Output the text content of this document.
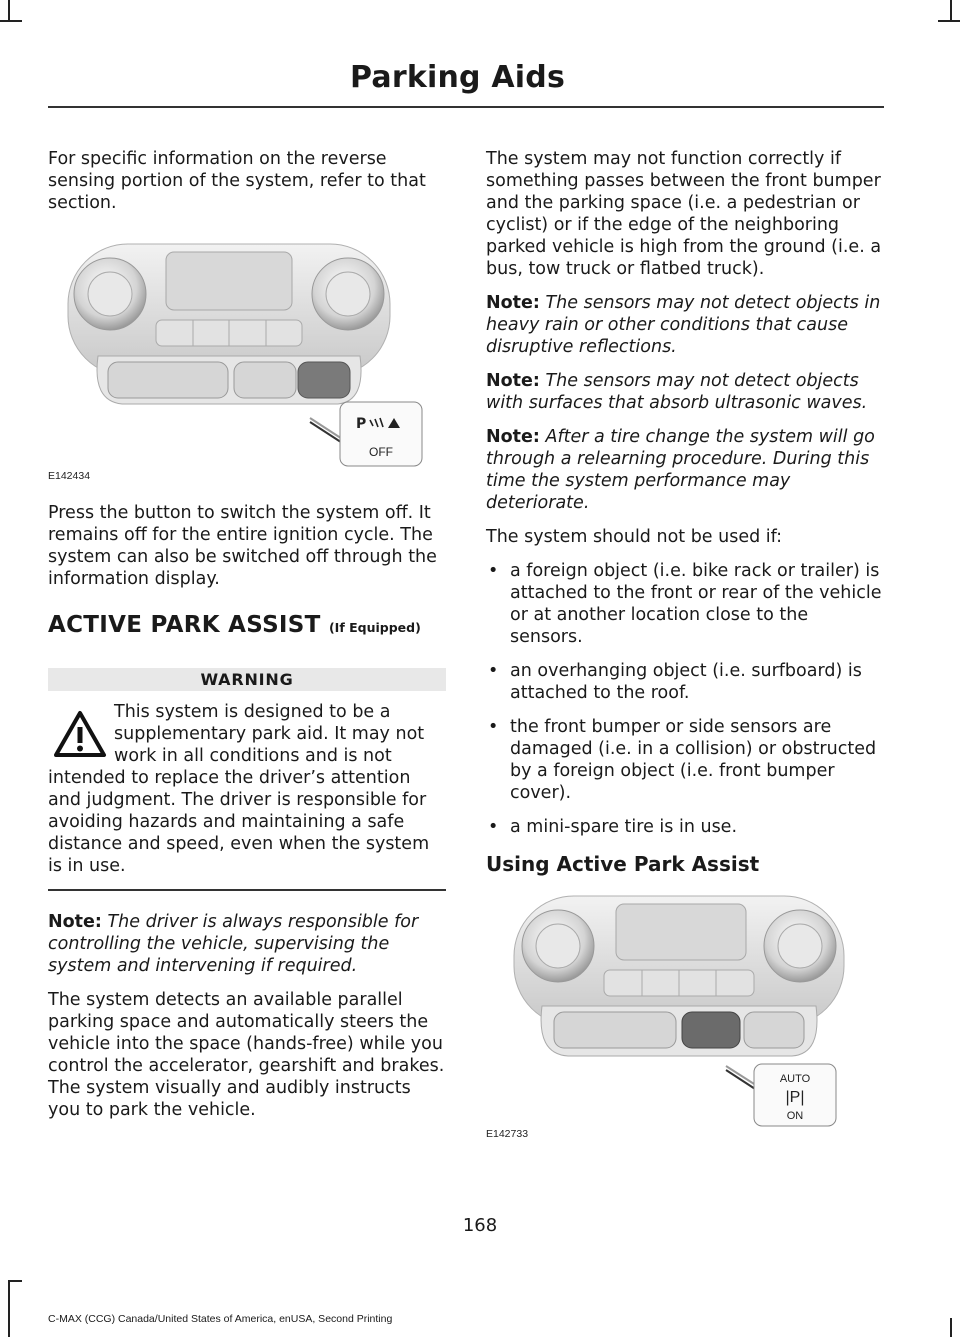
Parking Aids

For specific information on the reverse sensing portion of the system, refer to that section.

P
OFF
E142434

Press the button to switch the system off. It remains off for the entire ignition cycle. The system can also be switched off through the information display.

ACTIVE PARK ASSIST (If Equipped)
WARNING
This system is designed to be a supplementary park aid. It may not work in all conditions and is not intended to replace the driver’s attention and judgment. The driver is responsible for avoiding hazards and maintaining a safe distance and speed, even when the system is in use.

Note: The driver is always responsible for controlling the vehicle, supervising the system and intervening if required.

The system detects an available parallel parking space and automatically steers the vehicle into the space (hands-free) while you control the accelerator, gearshift and brakes. The system visually and audibly instructs you to park the vehicle.

The system may not function correctly if something passes between the front bumper and the parking space (i.e. a pedestrian or cyclist) or if the edge of the neighboring parked vehicle is high from the ground (i.e. a bus, tow truck or flatbed truck).

Note: The sensors may not detect objects in heavy rain or other conditions that cause disruptive reflections.

Note: The sensors may not detect objects with surfaces that absorb ultrasonic waves.

Note: After a tire change the system will go through a relearning procedure. During this time the system performance may deteriorate.

The system should not be used if:

• a foreign object (i.e. bike rack or trailer) is attached to the front or rear of the vehicle or at another location close to the sensors.
• an overhanging object (i.e. surfboard) is attached to the roof.
• the front bumper or side sensors are damaged (i.e. in a collision) or obstructed by a foreign object (i.e. front bumper cover).
• a mini-spare tire is in use.
Using Active Park Assist
AUTO
|P|
ON
E142733
168
C-MAX (CCG) Canada/United States of America, enUSA, Second Printing
